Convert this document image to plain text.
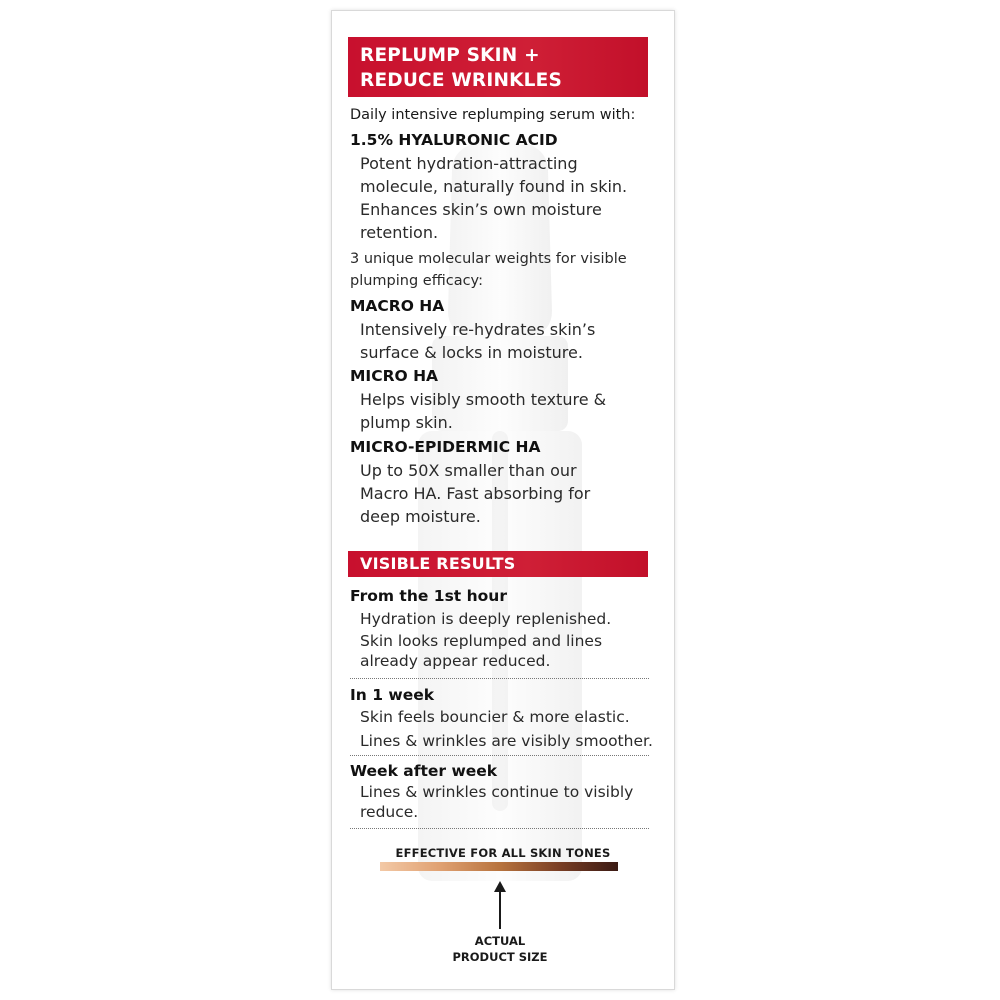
REPLUMP SKIN +
REDUCE WRINKLES
Daily intensive replumping serum with:
1.5% HYALURONIC ACID
Potent hydration-attracting
molecule, naturally found in skin.
Enhances skin’s own moisture
retention.
3 unique molecular weights for visible
plumping efficacy:
MACRO HA
Intensively re-hydrates skin’s
surface & locks in moisture.
MICRO HA
Helps visibly smooth texture &
plump skin.
MICRO-EPIDERMIC HA
Up to 50X smaller than our
Macro HA. Fast absorbing for
deep moisture.
VISIBLE RESULTS
From the 1st hour
Hydration is deeply replenished.
Skin looks replumped and lines
already appear reduced.
In 1 week
Skin feels bouncier & more elastic.
Lines & wrinkles are visibly smoother.
Week after week
Lines & wrinkles continue to visibly
reduce.
EFFECTIVE FOR ALL SKIN TONES
ACTUAL
PRODUCT SIZE
